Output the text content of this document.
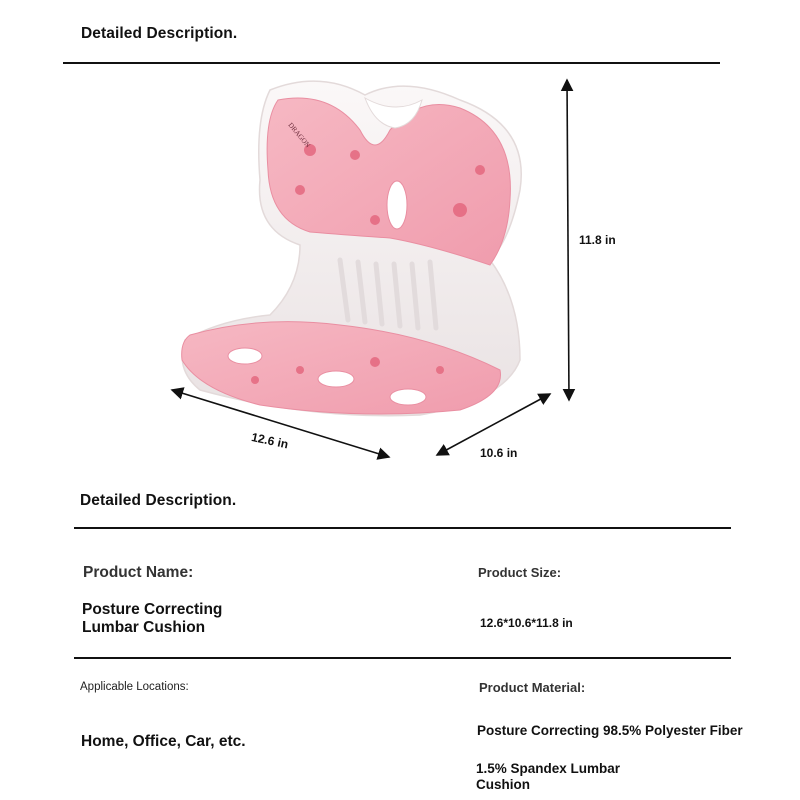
Detailed Description.
DRAGON
12.6 in
10.6 in
11.8 in
Detailed Description.
Product Name:
Posture Correcting
Lumbar Cushion
Product Size:
12.6*10.6*11.8 in
Applicable Locations:
Home, Office, Car, etc.
Product Material:
Posture Correcting 98.5% Polyester Fiber
1.5% Spandex Lumbar
Cushion
